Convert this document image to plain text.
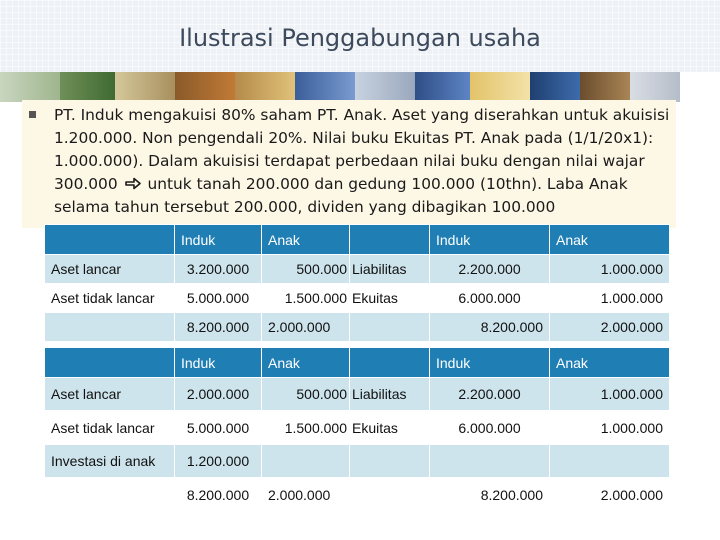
Ilustrasi Penggabungan usaha
PT. Induk mengakuisi 80% saham PT. Anak. Aset yang diserahkan untuk akuisisi 1.200.000. Non pengendali 20%. Nilai buku Ekuitas PT. Anak pada (1/1/20x1): 1.000.000). Dalam akuisisi terdapat perbedaan nilai buku dengan nilai wajar 300.000 untuk tanah 200.000 dan gedung 100.000 (10thn). Laba Anak selama tahun tersebut 200.000, dividen yang dibagikan 100.000
	Induk	Anak		Induk	Anak
Aset lancar	3.200.000	500.000	Liabilitas	2.200.000	1.000.000
Aset tidak lancar	5.000.000	1.500.000	Ekuitas	6.000.000	1.000.000
	8.200.000	2.000.000		8.200.000	2.000.000
	Induk	Anak		Induk	Anak
Aset lancar	2.000.000	500.000	Liabilitas	2.200.000	1.000.000
Aset tidak lancar	5.000.000	1.500.000	Ekuitas	6.000.000	1.000.000
Investasi di anak	1.200.000				
	8.200.000	2.000.000		8.200.000	2.000.000
